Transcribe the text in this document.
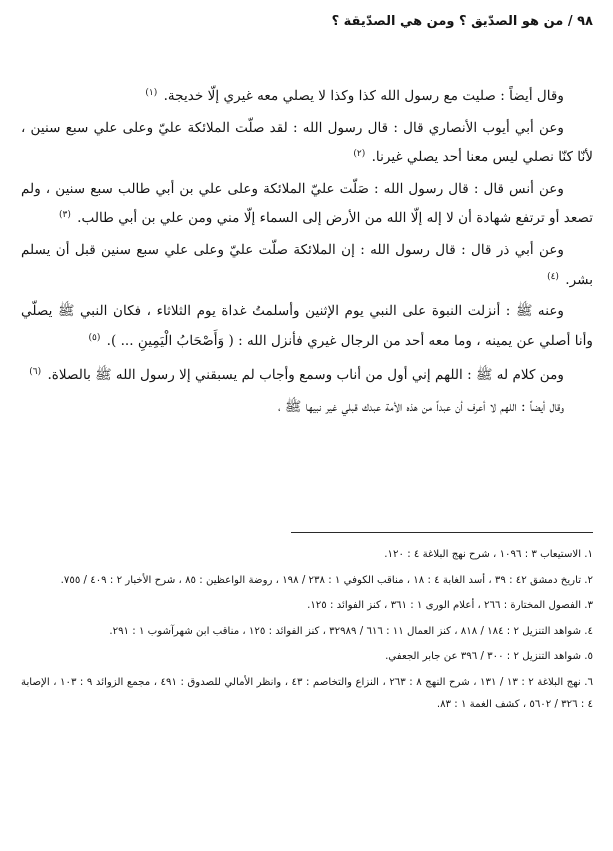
٩٨ / من هو الصدّيق ؟ ومن هي الصدّيقة ؟

وقال أيضاً : صليت مع رسول الله كذا وكذا لا يصلي معه غيري إلّا خديجة. $^{(١)}$

وعن أبي أيوب الأنصاري قال : قال رسول الله : لقد صلّت الملائكة عليّ وعلى علي سبع سنين ، لأنّا كنّا نصلي ليس معنا أحد يصلي غيرنا. $^{(٢)}$

وعن أنس قال : قال رسول الله : صَلّت عليّ الملائكة وعلى علي بن أبي طالب سبع سنين ، ولم تصعد أو ترتفع شهادة أن لا إله إلّا الله من الأرض إلى السماء إلّا مني ومن علي بن أبي طالب. $^{(٣)}$

وعن أبي ذر قال : قال رسول الله : إن الملائكة صلّت عليّ وعلى علي سبع سنين قبل أن يسلم بشر. $^{(٤)}$

وعنه ﷺ : أنزلت النبوة على النبي يوم الإثنين وأسلمتُ غداة يوم الثلاثاء ، فكان النبي ﷺ يصلّي وأنا أصلي عن يمينه ، وما معه أحد من الرجال غيري فأنزل الله : ( وَأَصْحَابُ الْيَمِينِ ... ). $^{(٥)}$

ومن كلام له ﷺ : اللهم إني أول من أناب وسمع وأجاب لم يسبقني إلا رسول الله ﷺ بالصلاة. $^{(٦)}$

وقال أيضاً : اللهم لا أعرف أن عبداً من هذه الأمة عبدك قبلي غير نبيها ﷺ ،

١. الاستيعاب ٣ : ١٠٩٦ ، شرح نهج البلاغة ٤ : ١٢٠.

٢. تاريخ دمشق ٤٢ : ٣٩ ، أسد الغابة ٤ : ١٨ ، مناقب الكوفي ١ : ٢٣٨ / ١٩٨ ، روضة الواعظين : ٨٥ ، شرح الأخبار ٢ : ٤٠٩ / ٧٥٥.

٣. الفصول المختارة : ٢٦٦ ، أعلام الورى ١ : ٣٦١ ، كنز الفوائد : ١٢٥.

٤. شواهد التنزيل ٢ : ١٨٤ / ٨١٨ ، كنز العمال ١١ : ٦١٦ / ٣٢٩٨٩ ، كنز الفوائد : ١٢٥ ، مناقب ابن شهرآشوب ١ : ٢٩١.

٥. شواهد التنزيل ٢ : ٣٠٠ / ٣٩٦ عن جابر الجعفي.

٦. نهج البلاغة ٢ : ١٣ / ١٣١ ، شرح النهج ٨ : ٢٦٣ ، النزاع والتخاصم : ٤٣ ، وانظر الأمالي للصدوق : ٤٩١ ، مجمع الزوائد ٩ : ١٠٣ ، الإصابة ٤ : ٣٢٦ / ٥٦٠٢ ، كشف الغمة ١ : ٨٣.
